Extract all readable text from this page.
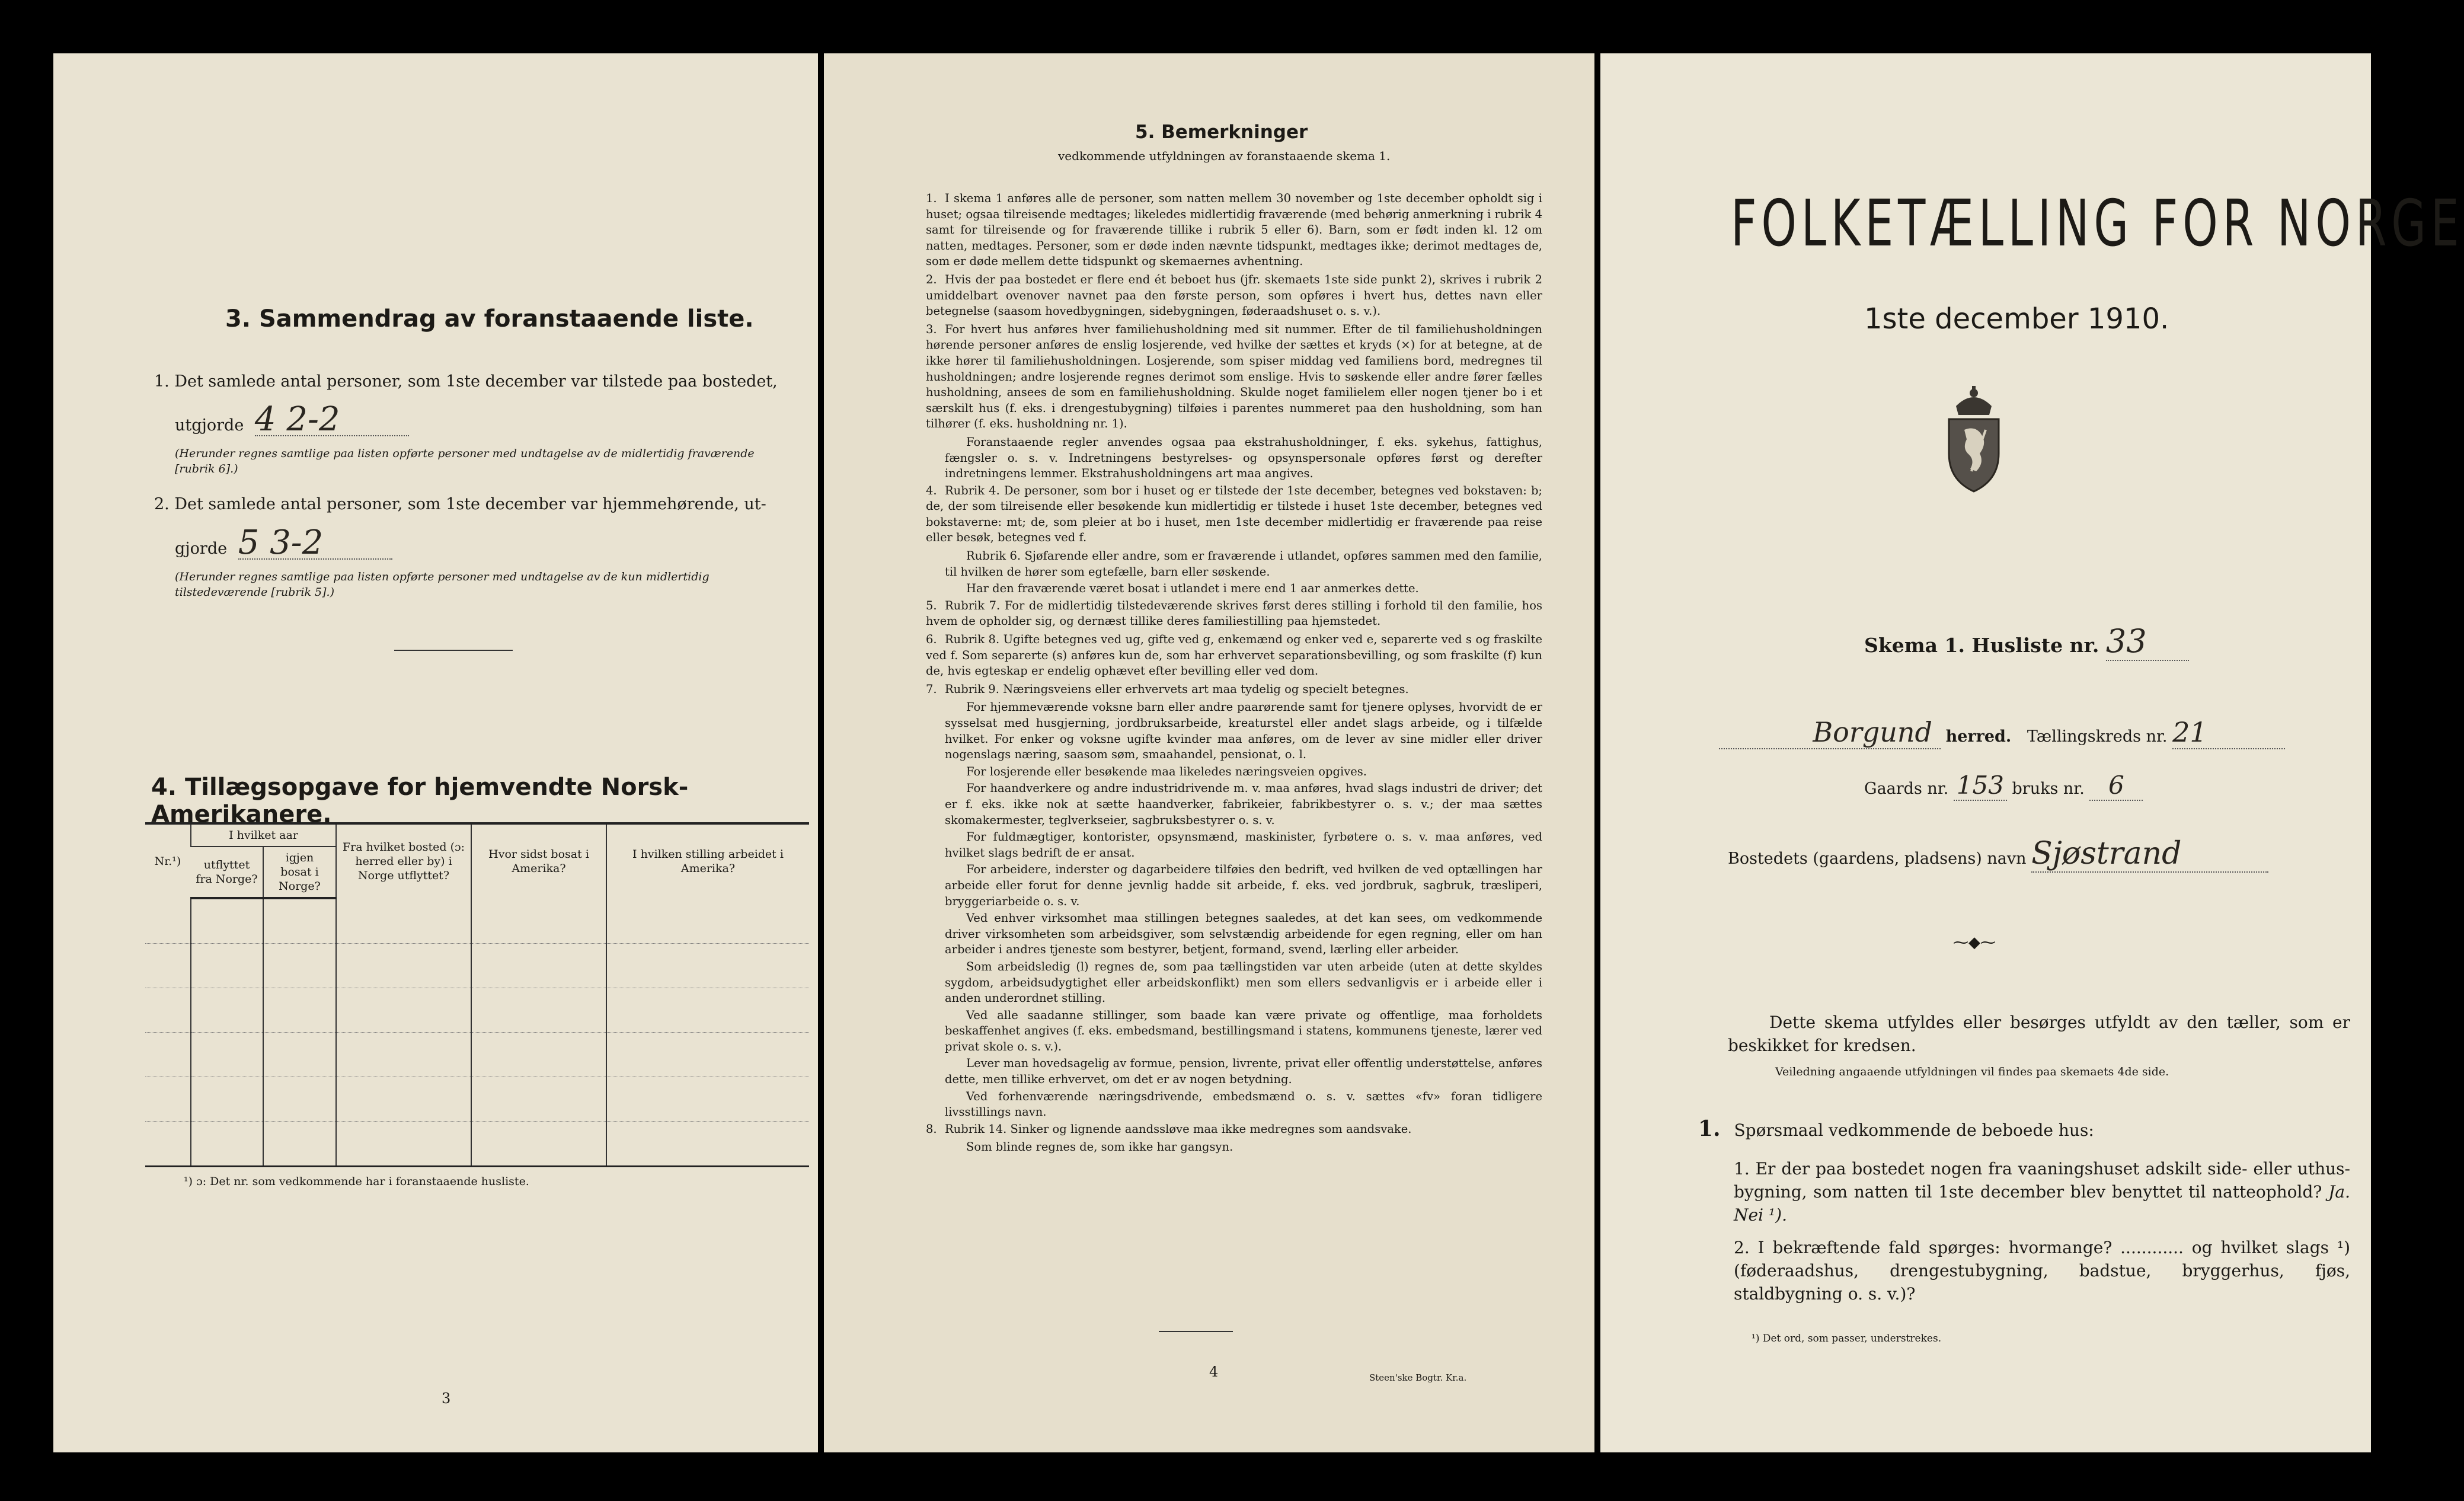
3. Sammendrag av foranstaaende liste.
1. Det samlede antal personer, som 1ste december var tilstede paa bostedet,
utgjorde 4 2-2
(Herunder regnes samtlige paa listen opførte personer med undtagelse av de midlertidig fraværende [rubrik 6].)
2. Det samlede antal personer, som 1ste december var hjemmehørende, ut-
gjorde 5 3-2
(Herunder regnes samtlige paa listen opførte personer med undtagelse av de kun midlertidig tilstedeværende [rubrik 5].)
4. Tillægsopgave for hjemvendte Norsk-Amerikanere.
Nr.¹)	I hvilket aar		Fra hvilket bosted (ɔ: herred eller by) i Norge utflyttet?	Hvor sidst bosat i Amerika?	I hvilken stilling arbeidet i Amerika?
	utflyttet fra Norge?	igjen bosat i Norge?			

¹) ɔ: Det nr. som vedkommende har i foranstaaende husliste.
3
5. Bemerkninger
vedkommende utfyldningen av foranstaaende skema 1.
1. I skema 1 anføres alle de personer, som natten mellem 30 november og 1ste december opholdt sig i huset; ogsaa tilreisende medtages; likeledes midlertidig fraværende (med behørig anmerkning i rubrik 4 samt for tilreisende og for fraværende tillike i rubrik 5 eller 6). Barn, som er født inden kl. 12 om natten, medtages. Personer, som er døde inden nævnte tidspunkt, medtages ikke; derimot medtages de, som er døde mellem dette tidspunkt og skemaernes avhentning.
2. Hvis der paa bostedet er flere end ét beboet hus (jfr. skemaets 1ste side punkt 2), skrives i rubrik 2 umiddelbart ovenover navnet paa den første person, som opføres i hvert hus, dettes navn eller betegnelse (saasom hovedbygningen, sidebygningen, føderaadshuset o. s. v.).
3. For hvert hus anføres hver familiehusholdning med sit nummer. Efter de til familiehusholdningen hørende personer anføres de enslig losjerende, ved hvilke der sættes et kryds (×) for at betegne, at de ikke hører til familiehusholdningen. Losjerende, som spiser middag ved familiens bord, medregnes til husholdningen; andre losjerende regnes derimot som enslige. Hvis to søskende eller andre fører fælles husholdning, ansees de som en familiehusholdning. Skulde noget familielem eller nogen tjener bo i et særskilt hus (f. eks. i drengestubygning) tilføies i parentes nummeret paa den husholdning, som han tilhører (f. eks. husholdning nr. 1).
Foranstaaende regler anvendes ogsaa paa ekstrahusholdninger, f. eks. sykehus, fattighus, fængsler o. s. v. Indretningens bestyrelses- og opsynspersonale opføres først og derefter indretningens lemmer. Ekstrahusholdningens art maa angives.
4. Rubrik 4. De personer, som bor i huset og er tilstede der 1ste december, betegnes ved bokstaven: b; de, der som tilreisende eller besøkende kun midlertidig er tilstede i huset 1ste december, betegnes ved bokstaverne: mt; de, som pleier at bo i huset, men 1ste december midlertidig er fraværende paa reise eller besøk, betegnes ved f.
Rubrik 6. Sjøfarende eller andre, som er fraværende i utlandet, opføres sammen med den familie, til hvilken de hører som egtefælle, barn eller søskende.
Har den fraværende været bosat i utlandet i mere end 1 aar anmerkes dette.
5. Rubrik 7. For de midlertidig tilstedeværende skrives først deres stilling i forhold til den familie, hos hvem de opholder sig, og dernæst tillike deres familiestilling paa hjemstedet.
6. Rubrik 8. Ugifte betegnes ved ug, gifte ved g, enkemænd og enker ved e, separerte ved s og fraskilte ved f. Som separerte (s) anføres kun de, som har erhvervet separationsbevilling, og som fraskilte (f) kun de, hvis egteskap er endelig ophævet efter bevilling eller ved dom.
7. Rubrik 9. Næringsveiens eller erhvervets art maa tydelig og specielt betegnes.
For hjemmeværende voksne barn eller andre paarørende samt for tjenere oplyses, hvorvidt de er sysselsat med husgjerning, jordbruksarbeide, kreaturstel eller andet slags arbeide, og i tilfælde hvilket. For enker og voksne ugifte kvinder maa anføres, om de lever av sine midler eller driver nogenslags næring, saasom søm, smaahandel, pensionat, o. l.
For losjerende eller besøkende maa likeledes næringsveien opgives.
For haandverkere og andre industridrivende m. v. maa anføres, hvad slags industri de driver; det er f. eks. ikke nok at sætte haandverker, fabrikeier, fabrikbestyrer o. s. v.; der maa sættes skomakermester, teglverkseier, sagbruksbestyrer o. s. v.
For fuldmægtiger, kontorister, opsynsmænd, maskinister, fyrbøtere o. s. v. maa anføres, ved hvilket slags bedrift de er ansat.
For arbeidere, inderster og dagarbeidere tilføies den bedrift, ved hvilken de ved optællingen har arbeide eller forut for denne jevnlig hadde sit arbeide, f. eks. ved jordbruk, sagbruk, træsliperi, bryggeriarbeide o. s. v.
Ved enhver virksomhet maa stillingen betegnes saaledes, at det kan sees, om vedkommende driver virksomheten som arbeidsgiver, som selvstændig arbeidende for egen regning, eller om han arbeider i andres tjeneste som bestyrer, betjent, formand, svend, lærling eller arbeider.
Som arbeidsledig (l) regnes de, som paa tællingstiden var uten arbeide (uten at dette skyldes sygdom, arbeidsudygtighet eller arbeidskonflikt) men som ellers sedvanligvis er i arbeide eller i anden underordnet stilling.
Ved alle saadanne stillinger, som baade kan være private og offentlige, maa forholdets beskaffenhet angives (f. eks. embedsmand, bestillingsmand i statens, kommunens tjeneste, lærer ved privat skole o. s. v.).
Lever man hovedsagelig av formue, pension, livrente, privat eller offentlig understøttelse, anføres dette, men tillike erhvervet, om det er av nogen betydning.
Ved forhenværende næringsdrivende, embedsmænd o. s. v. sættes «fv» foran tidligere livsstillings navn.
8. Rubrik 14. Sinker og lignende aandssløve maa ikke medregnes som aandsvake.
Som blinde regnes de, som ikke har gangsyn.
4	Steen'ske Bogtr. Kr.a.
FOLKETÆLLING FOR NORGE
1ste december 1910.
Skema 1. Husliste nr. 33
Borgund herred. Tællingskreds nr. 21
Gaards nr. 153 bruks nr. 6
Bostedets (gaardens, pladsens) navn Sjøstrand
⁓◆⁓
Dette skema utfyldes eller besørges utfyldt av den tæller, som er beskikket for kredsen.
Veiledning angaaende utfyldningen vil findes paa skemaets 4de side.
1. Spørsmaal vedkommende de beboede hus:
1. Er der paa bostedet nogen fra vaaningshuset adskilt side- eller uthus-bygning, som natten til 1ste december blev benyttet til natteophold? Ja. Nei ¹).
2. I bekræftende fald spørges: hvormange? ............ og hvilket slags ¹) (føderaadshus, drengestubygning, badstue, bryggerhus, fjøs, staldbygning o. s. v.)?
¹) Det ord, som passer, understrekes.
